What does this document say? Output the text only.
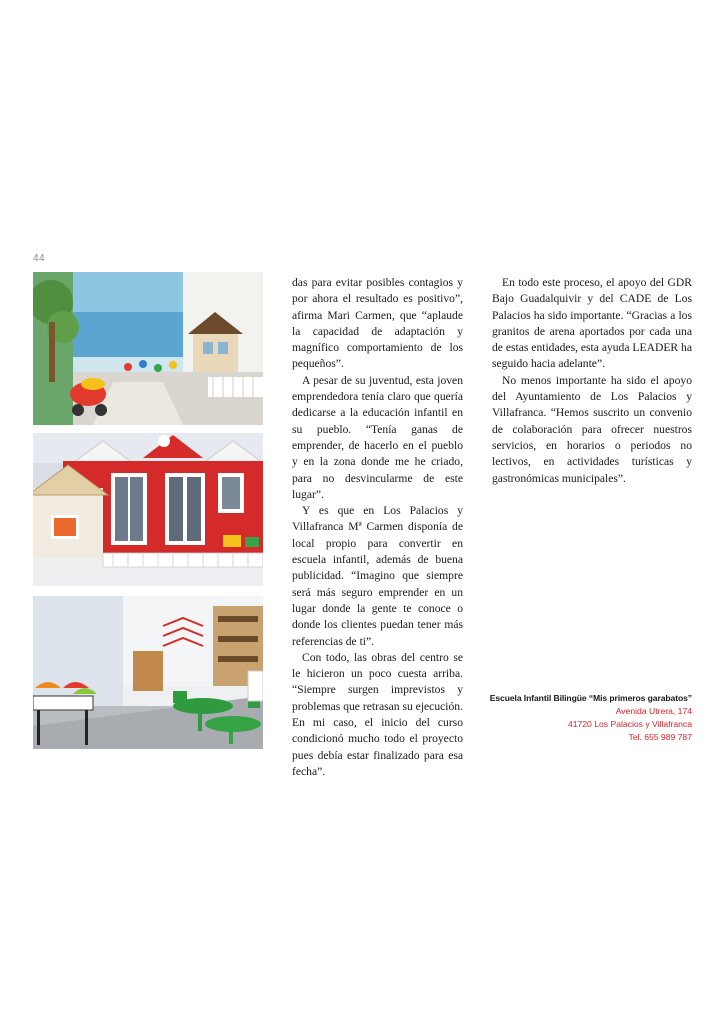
44

das para evitar posibles contagios y por ahora el resultado es positivo”, afirma Mari Carmen, que “aplaude la capacidad de adaptación y magnífico comportamiento de los pequeños”.

A pesar de su juventud, esta joven emprendedora tenía claro que quería dedicarse a la educación infantil en su pueblo. “Tenía ganas de emprender, de hacerlo en el pueblo y en la zona donde me he criado, para no desvincularme de este lugar”.

Y es que en Los Palacios y Villafranca Mª Carmen disponía de local propio para convertir en escuela infantil, además de buena publicidad. “Imagino que siempre será más seguro emprender en un lugar donde la gente te conoce o donde los clientes puedan tener más referencias de ti”.

Con todo, las obras del centro se le hicieron un poco cuesta arriba. “Siempre surgen imprevistos y problemas que retrasan su ejecución. En mi caso, el inicio del curso condicionó mucho todo el proyecto pues debía estar finalizado para esa fecha”.

En todo este proceso, el apoyo del GDR Bajo Guadalquivir y del CADE de Los Palacios ha sido importante. “Gracias a los granitos de arena aportados por cada una de estas entidades, esta ayuda LEADER ha seguido hacia adelante”.

No menos importante ha sido el apoyo del Ayuntamiento de Los Palacios y Villafranca. “Hemos suscrito un convenio de colaboración para ofrecer nuestros servicios, en horarios o periodos no lectivos, en actividades turísticas y gastronómicas municipales”.

Escuela Infantil Bilingüe “Mis primeros garabatos”
Avenida Utrera, 174
41720 Los Palacios y Villafranca
Tel. 655 989 787
